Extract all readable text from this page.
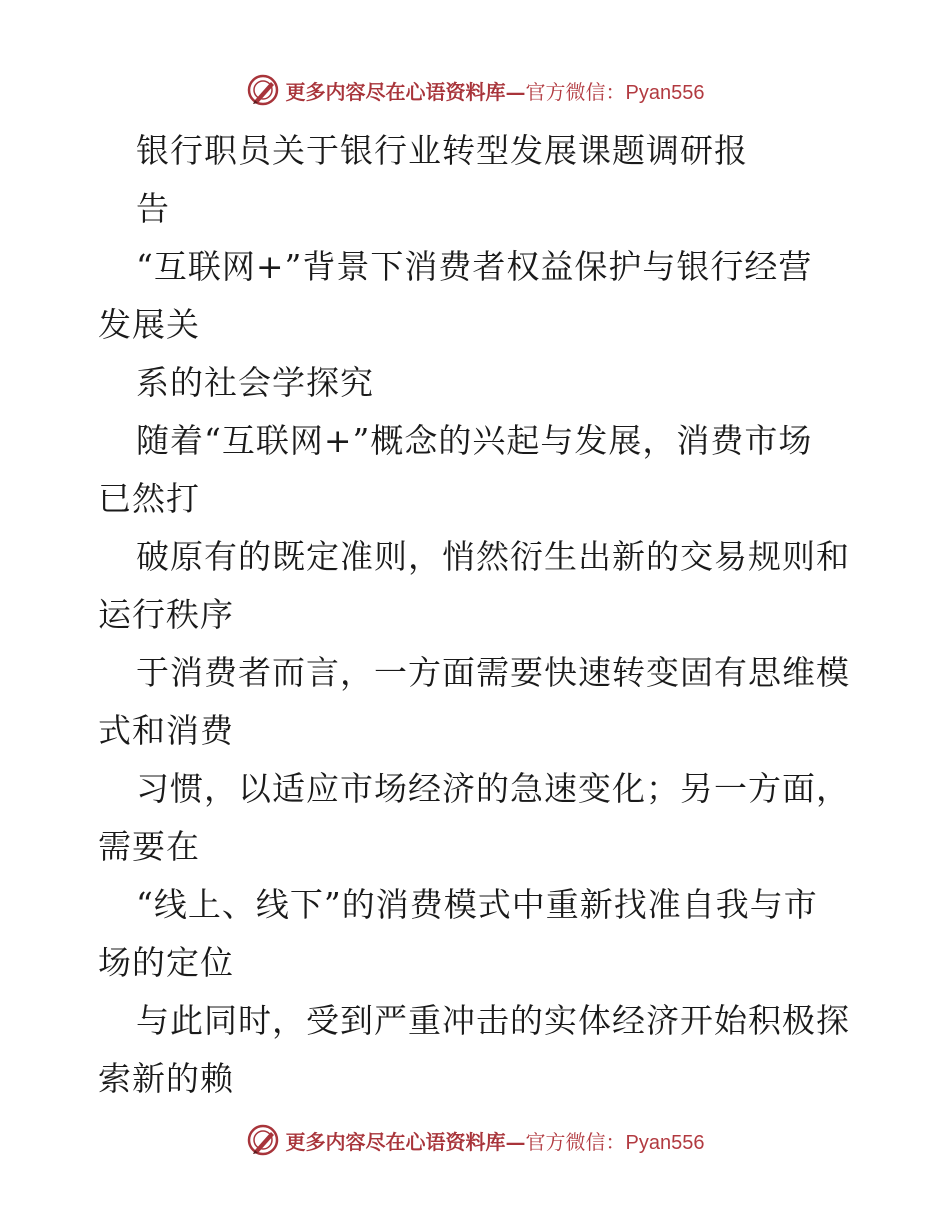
更多内容尽在心语资料库—官方微信：Pyan556
银行职员关于银行业转型发展课题调研报
告
“互联网+”背景下消费者权益保护与银行经营
发展关
系的社会学探究
随着“互联网+”概念的兴起与发展，消费市场
已然打
破原有的既定准则，悄然衍生出新的交易规则和
运行秩序
于消费者而言，一方面需要快速转变固有思维模
式和消费
习惯，以适应市场经济的急速变化；另一方面，
需要在
“线上、线下”的消费模式中重新找准自我与市
场的定位
与此同时，受到严重冲击的实体经济开始积极探
索新的赖
更多内容尽在心语资料库—官方微信：Pyan556
